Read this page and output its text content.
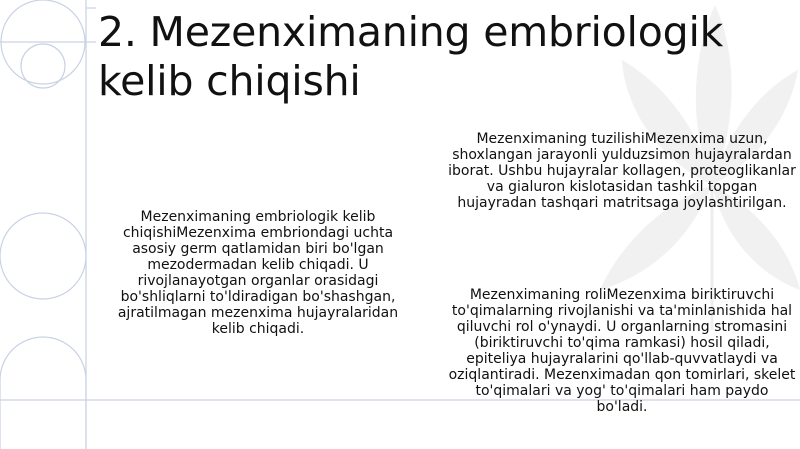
2. Mezenximaning embriologik kelib chiqishi

Mezenximaning embriologik kelib chiqishiMezenxima embriondagi uchta asosiy germ qatlamidan biri bo'lgan mezodermadan kelib chiqadi. U rivojlanayotgan organlar orasidagi bo'shliqlarni to'ldiradigan bo'shashgan, ajratilmagan mezenxima hujayralaridan kelib chiqadi.

Mezenximaning tuzilishiMezenxima uzun, shoxlangan jarayonli yulduzsimon hujayralardan iborat. Ushbu hujayralar kollagen, proteoglikanlar va gialuron kislotasidan tashkil topgan hujayradan tashqari matritsaga joylashtirilgan.

Mezenximaning roliMezenxima biriktiruvchi to'qimalarning rivojlanishi va ta'minlanishida hal qiluvchi rol o'ynaydi. U organlarning stromasini (biriktiruvchi to'qima ramkasi) hosil qiladi, epiteliya hujayralarini qo'llab-quvvatlaydi va oziqlantiradi. Mezenximadan qon tomirlari, skelet to'qimalari va yog' to'qimalari ham paydo bo'ladi.
